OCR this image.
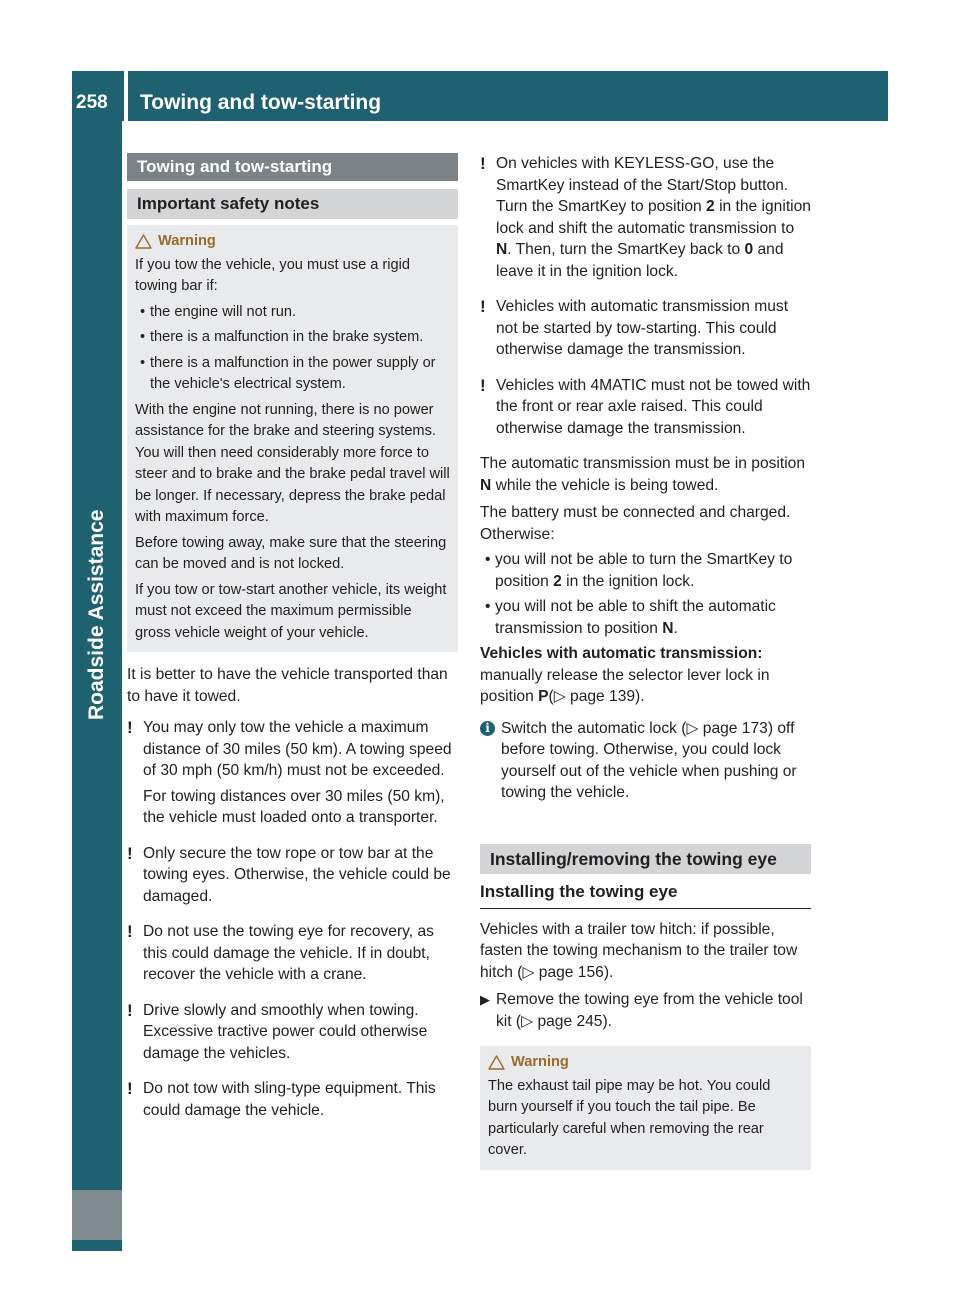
258 Towing and tow-starting
Roadside Assistance
Towing and tow-starting
Important safety notes
Warning

If you tow the vehicle, you must use a rigid towing bar if:

• the engine will not run.
• there is a malfunction in the brake system.
• there is a malfunction in the power supply or the vehicle's electrical system.

With the engine not running, there is no power assistance for the brake and steering systems. You will then need considerably more force to steer and to brake and the brake pedal travel will be longer. If necessary, depress the brake pedal with maximum force.

Before towing away, make sure that the steering can be moved and is not locked.

If you tow or tow-start another vehicle, its weight must not exceed the maximum permissible gross vehicle weight of your vehicle.

It is better to have the vehicle transported than to have it towed.

! You may only tow the vehicle a maximum distance of 30 miles (50 km). A towing speed of 30 mph (50 km/h) must not be exceeded.

For towing distances over 30 miles (50 km), the vehicle must loaded onto a transporter.

! Only secure the tow rope or tow bar at the towing eyes. Otherwise, the vehicle could be damaged.

! Do not use the towing eye for recovery, as this could damage the vehicle. If in doubt, recover the vehicle with a crane.

! Drive slowly and smoothly when towing. Excessive tractive power could otherwise damage the vehicles.

! Do not tow with sling-type equipment. This could damage the vehicle.

! On vehicles with KEYLESS-GO, use the SmartKey instead of the Start/Stop button. Turn the SmartKey to position 2 in the ignition lock and shift the automatic transmission to N. Then, turn the SmartKey back to 0 and leave it in the ignition lock.

! Vehicles with automatic transmission must not be started by tow-starting. This could otherwise damage the transmission.

! Vehicles with 4MATIC must not be towed with the front or rear axle raised. This could otherwise damage the transmission.

The automatic transmission must be in position N while the vehicle is being towed.

The battery must be connected and charged. Otherwise:

• you will not be able to turn the SmartKey to position 2 in the ignition lock.
• you will not be able to shift the automatic transmission to position N.

Vehicles with automatic transmission: manually release the selector lever lock in position P(▷ page 139).

i Switch the automatic lock (▷ page 173) off before towing. Otherwise, you could lock yourself out of the vehicle when pushing or towing the vehicle.

Installing/removing the towing eye
Installing the towing eye

Vehicles with a trailer tow hitch: if possible, fasten the towing mechanism to the trailer tow hitch (▷ page 156).

▶ Remove the towing eye from the vehicle tool kit (▷ page 245).
Warning

The exhaust tail pipe may be hot. You could burn yourself if you touch the tail pipe. Be particularly careful when removing the rear cover.
